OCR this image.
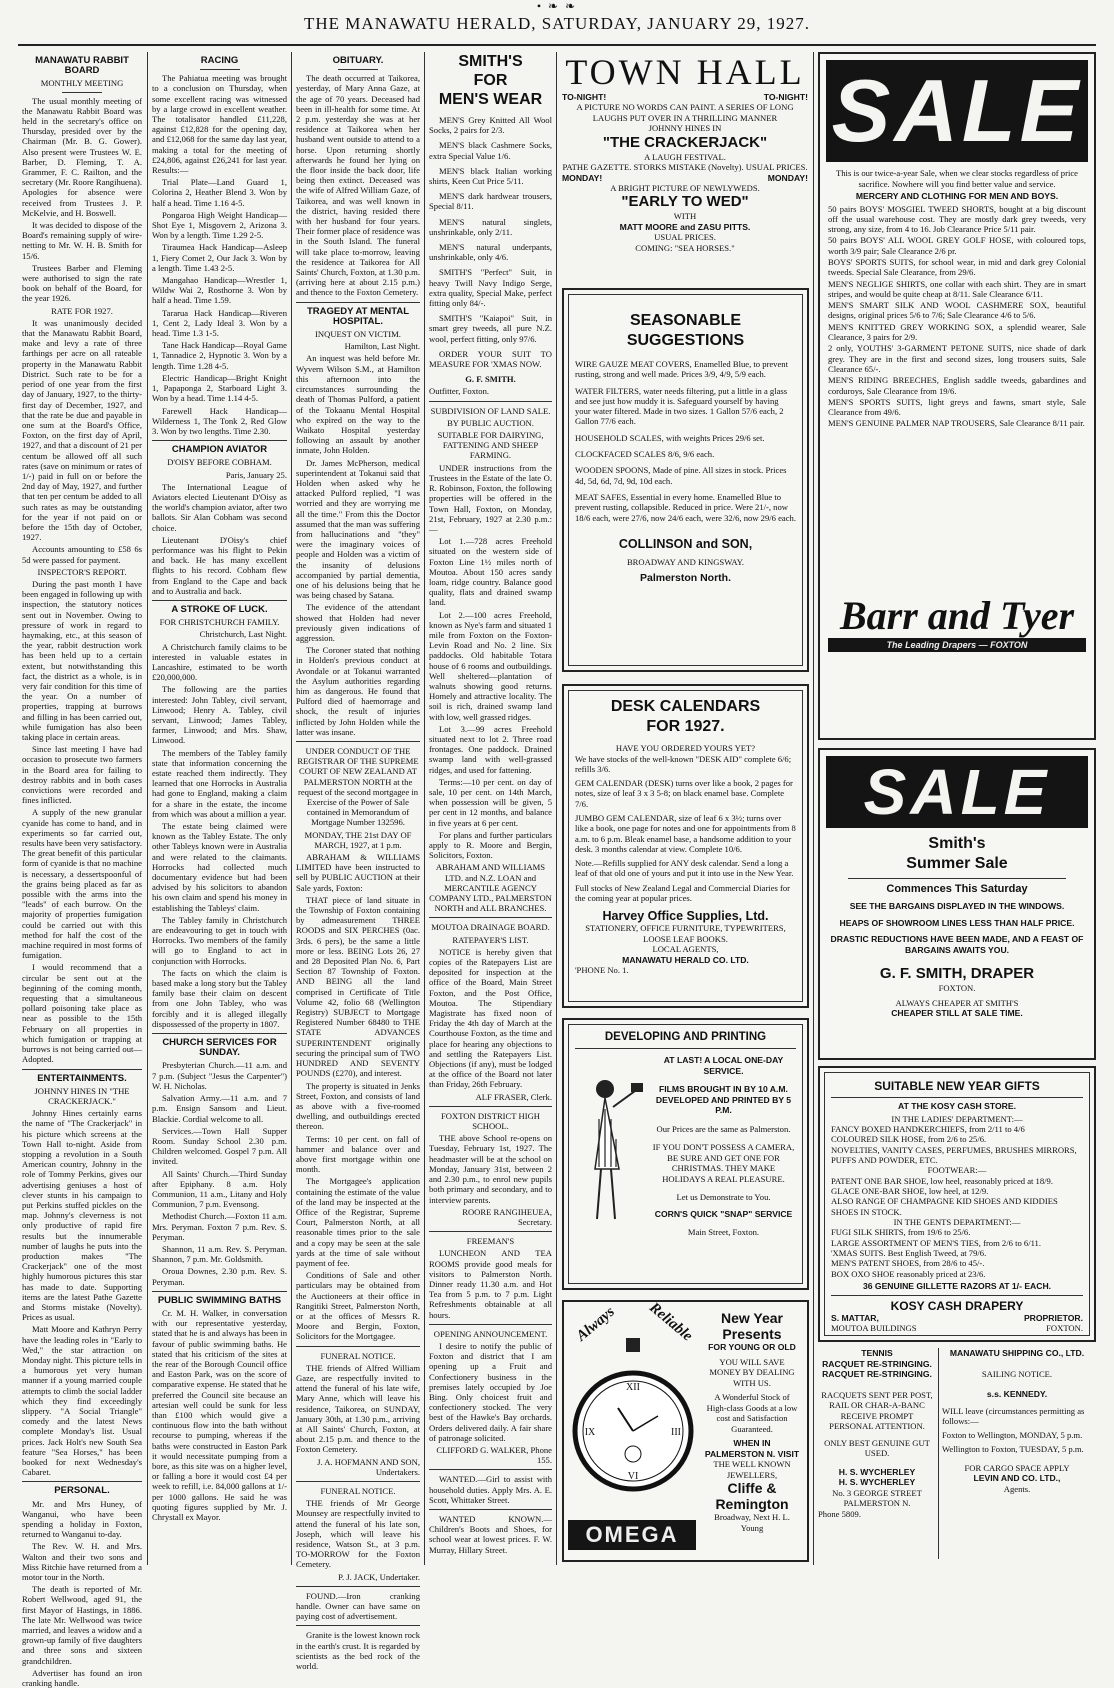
• ❧ ❧
THE MANAWATU HERALD, SATURDAY, JANUARY 29, 1927.
MANAWATU RABBIT BOARD
MONTHLY MEETING

The usual monthly meeting of the Manawatu Rabbit Board was held in the secretary's office on Thursday, presided over by the Chairman (Mr. B. G. Gower). Also present were Trustees W. E. Barber, D. Fleming, T. A. Grammer, F. C. Railton, and the secretary (Mr. Roore Rangihuena). Apologies for absence were received from Trustees J. P. McKelvie, and H. Boswell.

It was decided to dispose of the Board's remaining supply of wire-netting to Mr. W. H. B. Smith for 15/6.

Trustees Barber and Fleming were authorised to sign the rate book on behalf of the Board, for the year 1926.

RATE FOR 1927.

It was unanimously decided that the Manawatu Rabbit Board, make and levy a rate of three farthings per acre on all rateable property in the Manawatu Rabbit District. Such rate to be for a period of one year from the first day of January, 1927, to the thirty-first day of December, 1927, and that the rate be due and payable in one sum at the Board's Office, Foxton, on the first day of April, 1927, and that a discount of 21 per centum be allowed off all such rates (save on minimum or rates of 1/-) paid in full on or before the 2nd day of May, 1927, and further that ten per centum be added to all such rates as may be outstanding for the year if not paid on or before the 15th day of October, 1927.

Accounts amounting to £58 6s 5d were passed for payment.

INSPECTOR'S REPORT.

During the past month I have been engaged in following up with inspection, the statutory notices sent out in November. Owing to pressure of work in regard to haymaking, etc., at this season of the year, rabbit destruction work has been held up to a certain extent, but notwithstanding this fact, the district as a whole, is in very fair condition for this time of the year. On a number of properties, trapping at burrows and filling in has been carried out, while fumigation has also been taking place in certain areas.

Since last meeting I have had occasion to prosecute two farmers in the Board area for failing to destroy rabbits and in both cases convictions were recorded and fines inflicted.

A supply of the new granular cyanide has come to hand, and in experiments so far carried out, results have been very satisfactory. The great benefit of this particular form of cyanide is that no machine is necessary, a dessertspoonful of the grains being placed as far as possible with the arms into the "leads" of each burrow. On the majority of properties fumigation could be carried out with this method for half the cost of the machine required in most forms of fumigation.

I would recommend that a circular be sent out at the beginning of the coming month, requesting that a simultaneous pollard poisoning take place as near as possible to the 15th February on all properties in which fumigation or trapping at burrows is not being carried out—Adopted.

ENTERTAINMENTS.
JOHNNY HINES IN "THE CRACKERJACK."

Johnny Hines certainly earns the name of "The Crackerjack" in his picture which screens at the Town Hall to-night. Aside from stopping a revolution in a South American country, Johnny in the role of Tommy Perkins, gives our advertising geniuses a host of clever stunts in his campaign to put Perkins stuffed pickles on the map. Johnny's cleverness is not only productive of rapid fire results but the innumerable number of laughs he puts into the production makes "The Crackerjack" one of the most highly humorous pictures this star has made to date. Supporting items are the latest Pathe Gazette and Storms mistake (Novelty). Prices as usual.

Matt Moore and Kathryn Perry have the leading roles in "Early to Wed," the star attraction on Monday night. This picture tells in a humorous yet very human manner if a young married couple attempts to climb the social ladder which they find exceedingly slippery. "A Social Triangle" comedy and the latest News complete Monday's list. Usual prices. Jack Holt's new South Sea feature "Sea Horses," has been booked for next Wednesday's Cabaret.

PERSONAL.

Mr. and Mrs Huney, of Wanganui, who have been spending a holiday in Foxton, returned to Wanganui to-day.

The Rev. W. H. and Mrs. Walton and their two sons and Miss Ritchie have returned from a motor tour in the North.

The death is reported of Mr. Robert Wellwood, aged 91, the first Mayor of Hastings, in 1886. The late Mr. Wellwood was twice married, and leaves a widow and a grown-up family of five daughters and three sons and sixteen grandchildren.

Advertiser has found an iron cranking handle.

RACING

The Pahiatua meeting was brought to a conclusion on Thursday, when some excellent racing was witnessed by a large crowd in excellent weather. The totalisator handled £11,228, against £12,828 for the opening day, and £12,068 for the same day last year, making a total for the meeting of £24,806, against £26,241 for last year. Results:—

Trial Plate—Land Guard 1, Colorina 2, Heather Blend 3. Won by half a head. Time 1.16 4-5.

Pongaroa High Weight Handicap—Shot Eye 1, Misgovern 2, Arizona 3. Won by a length. Time 1.29 2-5.

Tiraumea Hack Handicap—Asleep 1, Fiery Comet 2, Our Jack 3. Won by a length. Time 1.43 2-5.

Mangahao Handicap—Wrestler 1, Wildw Wai 2, Rosthorne 3. Won by half a head. Time 1.59.

Tararua Hack Handicap—Riveren 1, Cent 2, Lady Ideal 3. Won by a head. Time 1.3 1-5.

Tane Hack Handicap—Royal Game 1, Tannadice 2, Hypnotic 3. Won by a length. Time 1.28 4-5.

Electric Handicap—Bright Knight 1, Papaponga 2, Starboard Light 3. Won by a head. Time 1.14 4-5.

Farewell Hack Handicap—Wilderness 1, The Tonk 2, Red Glow 3. Won by two lengths. Time 2.30.

CHAMPION AVIATOR
D'OISY BEFORE COBHAM.

Paris, January 25.

The International League of Aviators elected Lieutenant D'Oisy as the world's champion aviator, after two ballots. Sir Alan Cobham was second choice.

Lieutenant D'Oisy's chief performance was his flight to Pekin and back. He has many excellent flights to his record. Cobham flew from England to the Cape and back and to Australia and back.

A STROKE OF LUCK.
FOR CHRISTCHURCH FAMILY.

Christchurch, Last Night.

A Christchurch family claims to be interested in valuable estates in Lancashire, estimated to be worth £20,000,000.

The following are the parties interested: John Tabley, civil servant, Linwood; Henry A. Tabley, civil servant, Linwood; James Tabley, farmer, Linwood; and Mrs. Shaw, Linwood.

The members of the Tabley family state that information concerning the estate reached them indirectly. They learned that one Horrocks in Australia had gone to England, making a claim for a share in the estate, the income from which was about a million a year.

The estate being claimed were known as the Tabley Estate. The only other Tableys known were in Australia and were related to the claimants. Horrocks had collected much documentary evidence but had been advised by his solicitors to abandon his own claim and spend his money in establishing the Tableys' claim.

The Tabley family in Christchurch are endeavouring to get in touch with Horrocks. Two members of the family will go to England to act in conjunction with Horrocks.

The facts on which the claim is based make a long story but the Tabley family base their claim on descent from one John Tabley, who was forcibly and it is alleged illegally dispossessed of the property in 1807.

CHURCH SERVICES FOR SUNDAY.

Presbyterian Church.—11 a.m. and 7 p.m. (Subject "Jesus the Carpenter") W. H. Nicholas.

Salvation Army.—11 a.m. and 7 p.m. Ensign Sansom and Lieut. Blackie. Cordial welcome to all.

Services.—Town Hall Supper Room. Sunday School 2.30 p.m. Children welcomed. Gospel 7 p.m. All invited.

All Saints' Church.—Third Sunday after Epiphany. 8 a.m. Holy Communion, 11 a.m., Litany and Holy Communion, 7 p.m. Evensong.

Methodist Church.—Foxton 11 a.m. Mrs. Peryman. Foxton 7 p.m. Rev. S. Peryman.

Shannon, 11 a.m. Rev. S. Peryman. Shannon, 7 p.m. Mr. Goldsmith.

Oroua Downes, 2.30 p.m. Rev. S. Peryman.

PUBLIC SWIMMING BATHS

Cr. M. H. Walker, in conversation with our representative yesterday, stated that he is and always has been in favour of public swimming baths. He stated that his criticism of the sites at the rear of the Borough Council office and Easton Park, was on the score of comparative expense. He stated that he preferred the Council site because an artesian well could be sunk for less than £100 which would give a continuous flow into the bath without recourse to pumping, whereas if the baths were constructed in Easton Park it would necessitate pumping from a bore, as this site was on a higher level, or falling a bore it would cost £4 per week to refill, i.e. 84,000 gallons at 1/- per 1000 gallons. He said he was quoting figures supplied by Mr. J. Chrystall ex Mayor.

OBITUARY.

The death occurred at Taikorea, yesterday, of Mary Anna Gaze, at the age of 70 years. Deceased had been in ill-health for some time. At 2 p.m. yesterday she was at her residence at Taikorea when her husband went outside to attend to a horse. Upon returning shortly afterwards he found her lying on the floor inside the back door, life being then extinct. Deceased was the wife of Alfred William Gaze, of Taikorea, and was well known in the district, having resided there with her husband for four years. Their former place of residence was in the South Island. The funeral will take place to-morrow, leaving the residence at Taikorea for All Saints' Church, Foxton, at 1.30 p.m. (arriving here at about 2.15 p.m.) and thence to the Foxton Cemetery.

TRAGEDY AT MENTAL HOSPITAL.
INQUEST ON VICTIM.

Hamilton, Last Night.

An inquest was held before Mr. Wyvern Wilson S.M., at Hamilton this afternoon into the circumstances surrounding the death of Thomas Pulford, a patient of the Tokaanu Mental Hospital who expired on the way to the Waikato Hospital yesterday following an assault by another inmate, John Holden.

Dr. James McPherson, medical superintendent at Tokanui said that Holden when asked why he attacked Pulford replied, "I was worried and they are worrying me all the time." From this the Doctor assumed that the man was suffering from hallucinations and "they" were the imaginary voices of people and Holden was a victim of the insanity of delusions accompanied by partial dementia, one of his delusions being that he was being chased by Satana.

The evidence of the attendant showed that Holden had never previously given indications of aggression.

The Coroner stated that nothing in Holden's previous conduct at Avondale or at Tokanui warranted the Asylum authorities regarding him as dangerous. He found that Pulford died of haemorrage and shock, the result of injuries inflicted by John Holden while the latter was insane.

UNDER CONDUCT OF THE REGISTRAR OF THE SUPREME COURT OF NEW ZEALAND AT PALMERSTON NORTH at the request of the second mortgagee in Exercise of the Power of Sale contained in Memorandum of Mortgage Number 132596.

MONDAY, THE 21st DAY OF MARCH, 1927, at 1 p.m.

ABRAHAM & WILLIAMS LIMITED have been instructed to sell by PUBLIC AUCTION at their Sale yards, Foxton:

THAT piece of land situate in the Township of Foxton containing by admeasurement THREE ROODS and SIX PERCHES (0ac. 3rds. 6 pers), be the same a little more or less. BEING Lots 26, 27 and 28 Deposited Plan No. 6, Part Section 87 Township of Foxton. AND BEING all the land comprised in Certificate of Title Volume 42, folio 68 (Wellington Registry) SUBJECT to Mortgage Registered Number 68480 to THE STATE ADVANCES SUPERINTENDENT originally securing the principal sum of TWO HUNDRED AND SEVENTY POUNDS (£270), and interest.

The property is situated in Jenks Street, Foxton, and consists of land as above with a five-roomed dwelling, and outbuildings erected thereon.

Terms: 10 per cent. on fall of hammer and balance over and above first mortgage within one month.

The Mortgagee's application containing the estimate of the value of the land may be inspected at the Office of the Registrar, Supreme Court, Palmerston North, at all reasonable times prior to the sale and a copy may be seen at the sale yards at the time of sale without payment of fee.

Conditions of Sale and other particulars may be obtained from the Auctioneers at their office in Rangitiki Street, Palmerston North, or at the offices of Messrs R. Moore and Bergin, Foxton, Solicitors for the Mortgagee.

FUNERAL NOTICE.

THE friends of Alfred William Gaze, are respectfully invited to attend the funeral of his late wife, Mary Anne, which will leave his residence, Taikorea, on SUNDAY, January 30th, at 1.30 p.m., arriving at All Saints' Church, Foxton, at about 2.15 p.m. and thence to the Foxton Cemetery.

J. A. HOFMANN AND SON, Undertakers.

FUNERAL NOTICE.

THE friends of Mr George Mounsey are respectfully invited to attend the funeral of his late son, Joseph, which will leave his residence, Watson St., at 3 p.m. TO-MORROW for the Foxton Cemetery.

P. J. JACK, Undertaker.

FOUND.—Iron cranking handle. Owner can have same on paying cost of advertisement.

Granite is the lowest known rock in the earth's crust. It is regarded by scientists as the bed rock of the world.

SMITH'S
FOR
MEN'S WEAR
MEN'S Grey Knitted All Wool Socks, 2 pairs for 2/3.
MEN'S black Cashmere Socks, extra Special Value 1/6.
MEN'S black Italian working shirts, Keen Cut Price 5/11.
MEN'S dark hardwear trousers, Special 8/11.
MEN'S natural singlets, unshrinkable, only 2/11.
MEN'S natural underpants, unshrinkable, only 4/6.
SMITH'S "Perfect" Suit, in heavy Twill Navy Indigo Serge, extra quality, Special Make, perfect fitting only 84/-.
SMITH'S "Kaiapoi" Suit, in smart grey tweeds, all pure N.Z. wool, perfect fitting, only 97/6.
ORDER YOUR SUIT TO MEASURE FOR 'XMAS NOW.

G. F. SMITH.

Outfitter, Foxton.

SUBDIVISION OF LAND SALE.
BY PUBLIC AUCTION.
SUITABLE FOR DAIRYING, FATTENING AND SHEEP FARMING.

UNDER instructions from the Trustees in the Estate of the late O. R. Robinson, Foxton, the following properties will be offered in the Town Hall, Foxton, on Monday, 21st, February, 1927 at 2.30 p.m.:—

Lot 1.—728 acres Freehold situated on the western side of Foxton Line 1½ miles north of Moutoa. About 150 acres sandy loam, ridge country. Balance good quality, flats and drained swamp land.

Lot 2.—100 acres Freehold, known as Nye's farm and situated 1 mile from Foxton on the Foxton-Levin Road and No. 2 line. Six paddocks. Old habitable Totara house of 6 rooms and outbuildings. Well sheltered—plantation of walnuts showing good returns. Homely and attractive locality. The soil is rich, drained swamp land with low, well grassed ridges.

Lot 3.—99 acres Freehold situated next to lot 2. Three road frontages. One paddock. Drained swamp land with well-grassed ridges, and used for fattening.

Terms:—10 per cent. on day of sale, 10 per cent. on 14th March, when possession will be given, 5 per cent in 12 months, and balance in five years at 6 per cent.

For plans and further particulars apply to R. Moore and Bergin, Solicitors, Foxton.

ABRAHAM AND WILLIAMS LTD. and N.Z. LOAN and MERCANTILE AGENCY COMPANY LTD., PALMERSTON NORTH and ALL BRANCHES.

MOUTOA DRAINAGE BOARD.
RATEPAYER'S LIST.

NOTICE is hereby given that copies of the Ratepayers List are deposited for inspection at the office of the Board, Main Street Foxton, and the Post Office, Moutoa. The Stipendiary Magistrate has fixed noon of Friday the 4th day of March at the Courthouse Foxton, as the time and place for hearing any objections to and settling the Ratepayers List. Objections (if any), must be lodged at the office of the Board not later than Friday, 26th February.

ALF FRASER, Clerk.

FOXTON DISTRICT HIGH SCHOOL.

THE above School re-opens on Tuesday, February 1st, 1927. The headmaster will be at the school on Monday, January 31st, between 2 and 2.30 p.m., to enrol new pupils both primary and secondary, and to interview parents.

ROORE RANGIHEUEA, Secretary.

FREEMAN'S

LUNCHEON AND TEA ROOMS provide good meals for visitors to Palmerston North. Dinner ready 11.30 a.m. and Hot Tea from 5 p.m. to 7 p.m. Light Refreshments obtainable at all hours.

OPENING ANNOUNCEMENT.

I desire to notify the public of Foxton and district that I am opening up a Fruit and Confectionery business in the premises lately occupied by Joe Bing. Only choicest fruit and confectionery stocked. The very best of the Hawke's Bay orchards. Orders delivered daily. A fair share of patronage solicited.

CLIFFORD G. WALKER, Phone 155.

WANTED.—Girl to assist with household duties. Apply Mrs. A. E. Scott, Whittaker Street.

WANTED KNOWN.—Children's Boots and Shoes, for school wear at lowest prices. F. W. Murray, Hillary Street.

TOWN HALL
TO-NIGHT!	TO-NIGHT!
A PICTURE NO WORDS CAN PAINT. A SERIES OF LONG LAUGHS PUT OVER IN A THRILLING MANNER
JOHNNY HINES IN
"THE CRACKERJACK"
A LAUGH FESTIVAL.
PATHE GAZETTE. STORKS MISTAKE (Novelty). USUAL PRICES.
MONDAY!	MONDAY!
A BRIGHT PICTURE OF NEWLYWEDS.
"EARLY TO WED"
WITH
MATT MOORE and ZASU PITTS.
USUAL PRICES.
COMING: "SEA HORSES."
SEASONABLE
SUGGESTIONS
WIRE GAUZE MEAT COVERS, Enamelled Blue, to prevent rusting, strong and well made. Prices 3/9, 4/9, 5/9 each.
WATER FILTERS, water needs filtering, put a little in a glass and see just how muddy it is. Safeguard yourself by having your water filtered. Made in two sizes. 1 Gallon 57/6 each, 2 Gallon 77/6 each.
HOUSEHOLD SCALES, with weights Prices 29/6 set.
CLOCKFACED SCALES 8/6, 9/6 each.
WOODEN SPOONS, Made of pine. All sizes in stock. Prices 4d, 5d, 6d, 7d, 9d, 10d each.
MEAT SAFES, Essential in every home. Enamelled Blue to prevent rusting, collapsible. Reduced in price. Were 21/-, now 18/6 each, were 27/6, now 24/6 each, were 32/6, now 29/6 each.
COLLINSON and SON,
BROADWAY AND KINGSWAY.
Palmerston North.
DESK CALENDARS
FOR 1927.
HAVE YOU ORDERED YOURS YET?
We have stocks of the well-known "DESK AID" complete 6/6; refills 3/6.
GEM CALENDAR (DESK) turns over like a book, 2 pages for notes, size of leaf 3 x 3 5-8; on black enamel base. Complete 7/6.
JUMBO GEM CALENDAR, size of leaf 6 x 3½; turns over like a book, one page for notes and one for appointments from 8 a.m. to 6 p.m. Bleak enamel base, a handsome addition to your desk. 3 months calendar at view. Complete 10/6.
Note.—Refills supplied for ANY desk calendar. Send a long a leaf of that old one of yours and put it into use in the New Year.
Full stocks of New Zealand Legal and Commercial Diaries for the coming year at popular prices.
Harvey Office Supplies, Ltd.
STATIONERY, OFFICE FURNITURE, TYPEWRITERS, LOOSE LEAF BOOKS.
LOCAL AGENTS,
MANAWATU HERALD CO. LTD.
'PHONE No. 1.
DEVELOPING AND PRINTING
AT LAST! A LOCAL ONE-DAY SERVICE.
FILMS BROUGHT IN BY 10 A.M. DEVELOPED AND PRINTED BY 5 P.M.
Our Prices are the same as Palmerston.
IF YOU DON'T POSSESS A CAMERA, BE SURE AND GET ONE FOR CHRISTMAS. THEY MAKE HOLIDAYS A REAL PLEASURE.
Let us Demonstrate to You.
CORN'S QUICK "SNAP" SERVICE
Main Street, Foxton.
Always Reliable
XII
III
VI
IX
OMEGA
New Year
Presents
FOR YOUNG OR OLD
YOU WILL SAVE MONEY BY DEALING WITH US.
A Wonderful Stock of High-class Goods at a low cost and Satisfaction Guaranteed.
WHEN IN PALMERSTON N. VISIT
THE WELL KNOWN JEWELLERS,
Cliffe &
Remington
Broadway, Next H. L. Young
SALE
This is our twice-a-year Sale, when we clear stocks regardless of price sacrifice. Nowhere will you find better value and service.
MERCERY AND CLOTHING FOR MEN AND BOYS.
50 pairs BOYS' MOSGIEL TWEED SHORTS, bought at a big discount off the usual warehouse cost. They are mostly dark grey tweeds, very strong, any size, from 4 to 16. Job Clearance Price 5/11 pair.
50 pairs BOYS' ALL WOOL GREY GOLF HOSE, with coloured tops, worth 3/9 pair; Sale Clearance 2/6 pr.
BOYS' SPORTS SUITS, for school wear, in mid and dark grey Colonial tweeds. Special Sale Clearance, from 29/6.
MEN'S NEGLIGE SHIRTS, one collar with each shirt. They are in smart stripes, and would be quite cheap at 8/11. Sale Clearance 6/11.
MEN'S SMART SILK AND WOOL CASHMERE SOX, beautiful designs, original prices 5/6 to 7/6; Sale Clearance 4/6 to 5/6.
MEN'S KNITTED GREY WORKING SOX, a splendid wearer, Sale Clearance, 3 pairs for 2/9.
2 only, YOUTHS' 3-GARMENT PETONE SUITS, nice shade of dark grey. They are in the first and second sizes, long trousers suits, Sale Clearance 65/-.
MEN'S RIDING BREECHES, English saddle tweeds, gabardines and corduroys, Sale Clearance from 19/6.
MEN'S SPORTS SUITS, light greys and fawns, smart style, Sale Clearance from 49/6.
MEN'S GENUINE PALMER NAP TROUSERS, Sale Clearance 8/11 pair.
Barr and Tyer
The Leading Drapers — FOXTON
SALE
Smith's
Summer Sale
Commences This Saturday
SEE THE BARGAINS DISPLAYED IN THE WINDOWS.
HEAPS OF SHOWROOM LINES LESS THAN HALF PRICE.
DRASTIC REDUCTIONS HAVE BEEN MADE, AND A FEAST OF BARGAINS AWAITS YOU.
G. F. SMITH, DRAPER
FOXTON.
ALWAYS CHEAPER AT SMITH'S
CHEAPER STILL AT SALE TIME.
SUITABLE NEW YEAR GIFTS
AT THE KOSY CASH STORE.
IN THE LADIES' DEPARTMENT:—
FANCY BOXED HANDKERCHIEFS, from 2/11 to 4/6
COLOURED SILK HOSE, from 2/6 to 25/6.
NOVELTIES, VANITY CASES, PERFUMES, BRUSHES MIRRORS, PUFFS AND POWDER, ETC.
FOOTWEAR:—
PATENT ONE BAR SHOE, low heel, reasonably priced at 18/9.
GLACE ONE-BAR SHOE, low heel, at 12/9.
ALSO RANGE OF CHAMPAGNE KID SHOES AND KIDDIES SHOES IN STOCK.
IN THE GENTS DEPARTMENT:—
FUGI SILK SHIRTS, from 19/6 to 25/6.
LARGE ASSORTMENT OF MEN'S TIES, from 2/6 to 6/11.
'XMAS SUITS. Best English Tweed, at 79/6.
MEN'S PATENT SHOES, from 28/6 to 45/-.
BOX OXO SHOE reasonably priced at 23/6.
36 GENUINE GILLETTE RAZORS AT 1/- EACH.
KOSY CASH DRAPERY
S. MATTAR,	PROPRIETOR.
MOUTOA BUILDINGS	FOXTON.
TENNIS
RACQUET RE-STRINGING.
RACQUET RE-STRINGING.
RACQUETS SENT PER POST, RAIL OR CHAR-A-BANC RECEIVE PROMPT PERSONAL ATTENTION.
ONLY BEST GENUINE GUT USED.
H. S. WYCHERLEY
H. S. WYCHERLEY
No. 3 GEORGE STREET PALMERSTON N.
Phone 5809.
MANAWATU SHIPPING CO., LTD.
SAILING NOTICE.
s.s. KENNEDY.
WILL leave (circumstances permitting as follows:—
Foxton to Wellington, MONDAY, 5 p.m.
Wellington to Foxton, TUESDAY, 5 p.m.
FOR CARGO SPACE APPLY
LEVIN AND CO. LTD.,
Agents.
